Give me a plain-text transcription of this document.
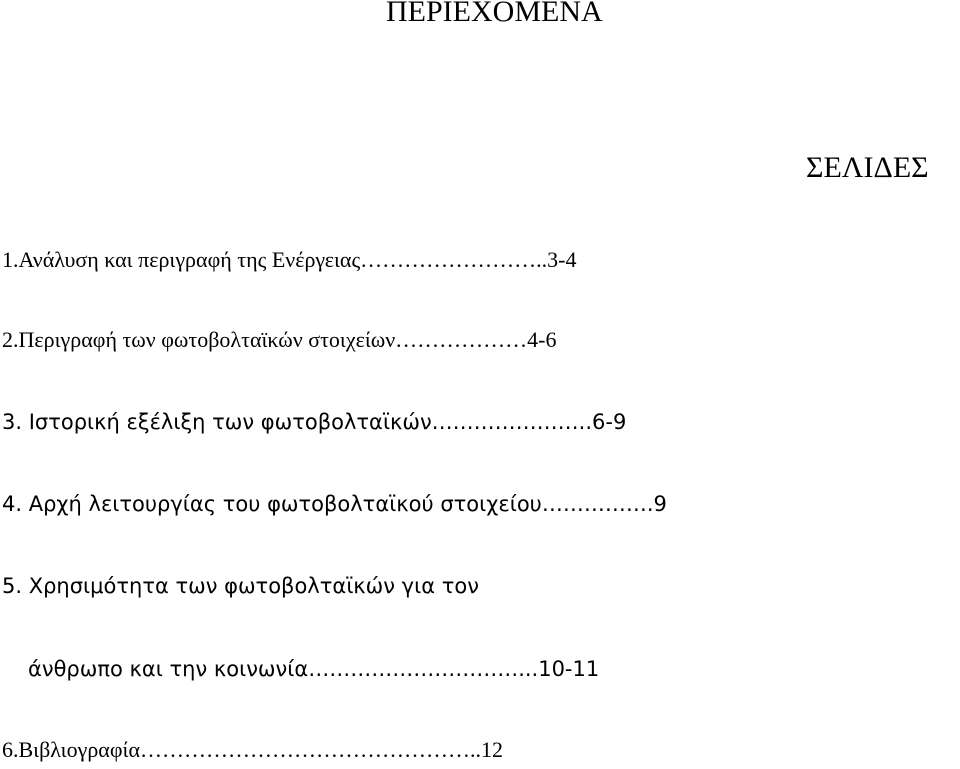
ΠΕΡΙΕΧΟΜΕΝΑ
ΣΕΛΙΔΕΣ
1.Ανάλυση και περιγραφή της Ενέργειας……………………..3-4
2.Περιγραφή των φωτοβολταϊκών στοιχείων………………4-6
3. Ιστορική εξέλιξη των φωτοβολταϊκών…………………..6-9
4. Αρχή λειτουργίας του φωτοβολταϊκού στοιχείου…………….9
5. Χρησιμότητα των φωτοβολταϊκών για τον
άνθρωπο και την κοινωνία…………………………...10-11
6.Βιβλιογραφία………………………………………..12
